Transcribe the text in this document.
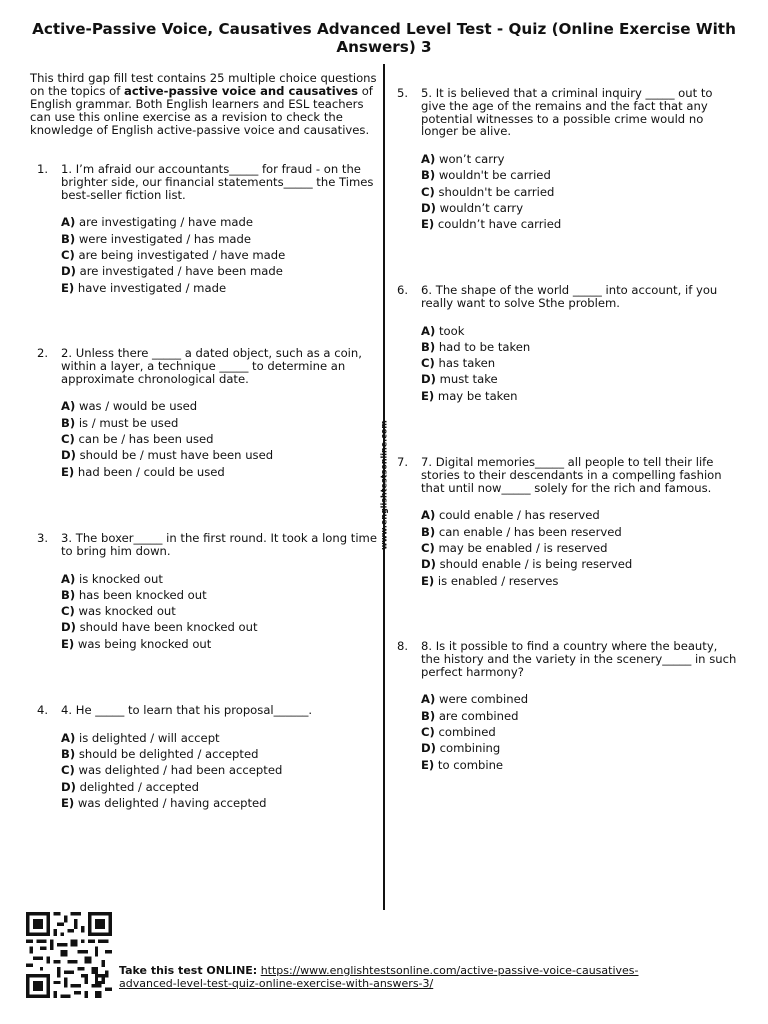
Active-Passive Voice, Causatives Advanced Level Test - Quiz (Online Exercise With Answers) 3
This third gap fill test contains 25 multiple choice questions on the topics of active-passive voice and causatives of English grammar. Both English learners and ESL teachers can use this online exercise as a revision to check the knowledge of English active-passive voice and causatives.
www.englishtestsonline.com
1. 1. I’m afraid our accountants_____ for fraud - on the brighter side, our financial statements_____ the Times best-seller fiction list.
A) are investigating / have made
B) were investigated / has made
C) are being investigated / have made
D) are investigated / have been made
E) have investigated / made
2. 2. Unless there _____ a dated object, such as a coin, within a layer, a technique _____ to determine an approximate chronological date.
A) was / would be used
B) is / must be used
C) can be / has been used
D) should be / must have been used
E) had been / could be used
3. 3. The boxer_____ in the first round. It took a long time to bring him down.
A) is knocked out
B) has been knocked out
C) was knocked out
D) should have been knocked out
E) was being knocked out
4. 4. He _____ to learn that his proposal______.
A) is delighted / will accept
B) should be delighted / accepted
C) was delighted / had been accepted
D) delighted / accepted
E) was delighted / having accepted
5. 5. It is believed that a criminal inquiry _____ out to give the age of the remains and the fact that any potential witnesses to a possible crime would no longer be alive.
A) won’t carry
B) wouldn't be carried
C) shouldn't be carried
D) wouldn’t carry
E) couldn’t have carried
6. 6. The shape of the world _____ into account, if you really want to solve Sthe problem.
A) took
B) had to be taken
C) has taken
D) must take
E) may be taken
7. 7. Digital memories_____ all people to tell their life stories to their descendants in a compelling fashion that until now_____ solely for the rich and famous.
A) could enable / has reserved
B) can enable / has been reserved
C) may be enabled / is reserved
D) should enable / is being reserved
E) is enabled / reserves
8. 8. Is it possible to find a country where the beauty, the history and the variety in the scenery_____ in such perfect harmony?
A) were combined
B) are combined
C) combined
D) combining
E) to combine
Take this test ONLINE: https://www.englishtestsonline.com/active-passive-voice-causatives-advanced-level-test-quiz-online-exercise-with-answers-3/
